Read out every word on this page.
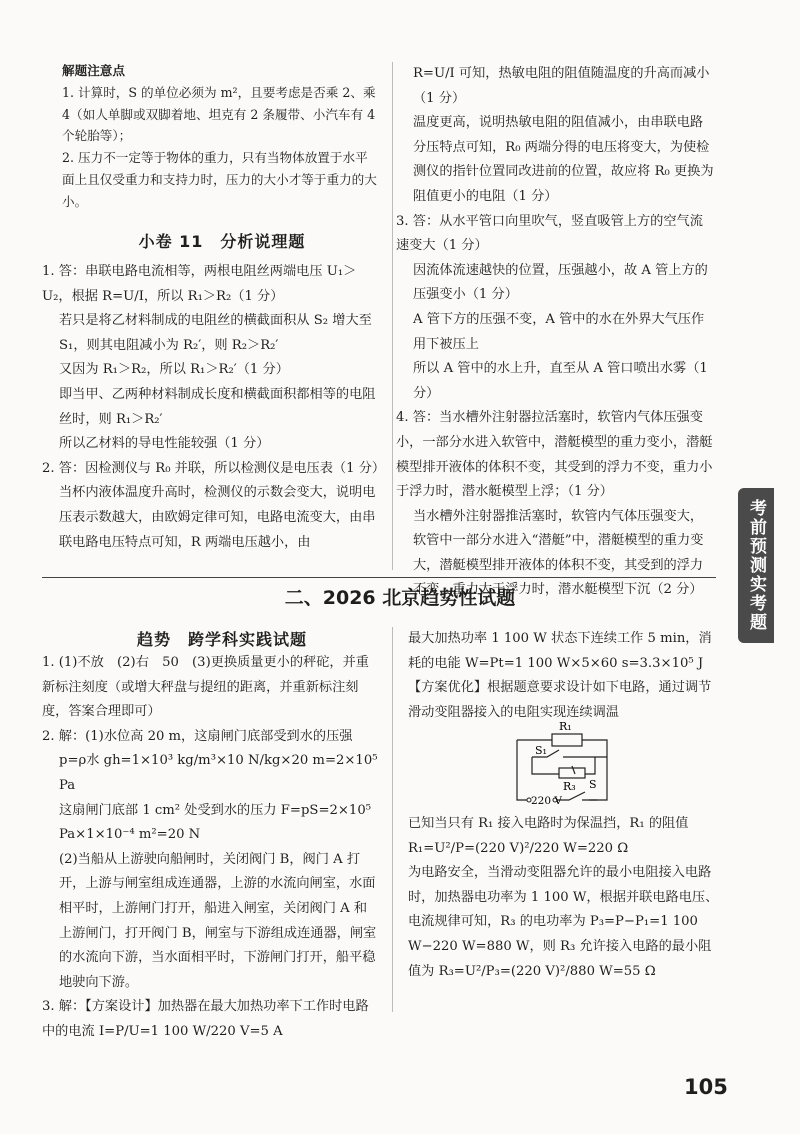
解题注意点

1. 计算时，S 的单位必须为 m²，且要考虑是否乘 2、乘 4（如人单脚或双脚着地、坦克有 2 条履带、小汽车有 4 个轮胎等）；

2. 压力不一定等于物体的重力，只有当物体放置于水平面上且仅受重力和支持力时，压力的大小才等于重力的大小。

小卷 11　分析说理题

1. 答：串联电路电流相等，两根电阻丝两端电压 U₁＞U₂，根据 R=U/I，所以 R₁＞R₂（1 分）

若只是将乙材料制成的电阻丝的横截面积从 S₂ 增大至 S₁，则其电阻减小为 R₂′，则 R₂＞R₂′

又因为 R₁＞R₂，所以 R₁＞R₂′（1 分）

即当甲、乙两种材料制成长度和横截面积都相等的电阻丝时，则 R₁＞R₂′

所以乙材料的导电性能较强（1 分）

2. 答：因检测仪与 R₀ 并联，所以检测仪是电压表（1 分）

当杯内液体温度升高时，检测仪的示数会变大，说明电压表示数越大，由欧姆定律可知，电路电流变大，由串联电路电压特点可知，R 两端电压越小，由

R=U/I 可知，热敏电阻的阻值随温度的升高而减小（1 分）

温度更高，说明热敏电阻的阻值减小，由串联电路分压特点可知，R₀ 两端分得的电压将变大，为使检测仪的指针位置同改进前的位置，故应将 R₀ 更换为阻值更小的电阻（1 分）

3. 答：从水平管口向里吹气，竖直吸管上方的空气流速变大（1 分）

因流体流速越快的位置，压强越小，故 A 管上方的压强变小（1 分）

A 管下方的压强不变，A 管中的水在外界大气压作用下被压上

所以 A 管中的水上升，直至从 A 管口喷出水雾（1 分）

4. 答：当水槽外注射器拉活塞时，软管内气体压强变小，一部分水进入软管中，潜艇模型的重力变小，潜艇模型排开液体的体积不变，其受到的浮力不变，重力小于浮力时，潜水艇模型上浮；（1 分）

当水槽外注射器推活塞时，软管内气体压强变大，软管中一部分水进入“潜艇”中，潜艇模型的重力变大，潜艇模型排开液体的体积不变，其受到的浮力不变，重力大于浮力时，潜水艇模型下沉（2 分）	考前预测实考题
二、2026 北京趋势性试题
趋势　跨学科实践试题

1. (1)不放　(2)右　50　(3)更换质量更小的秤砣，并重新标注刻度（或增大秤盘与提纽的距离，并重新标注刻度，答案合理即可）

2. 解：(1)水位高 20 m，这扇闸门底部受到水的压强

p=ρ水 gh=1×10³ kg/m³×10 N/kg×20 m=2×10⁵ Pa

这扇闸门底部 1 cm² 处受到水的压力 F=pS=2×10⁵ Pa×1×10⁻⁴ m²=20 N

(2)当船从上游驶向船闸时，关闭阀门 B，阀门 A 打开，上游与闸室组成连通器，上游的水流向闸室，水面相平时，上游闸门打开，船进入闸室，关闭阀门 A 和上游闸门，打开阀门 B，闸室与下游组成连通器，闸室的水流向下游，当水面相平时，下游闸门打开，船平稳地驶向下游。

3. 解：【方案设计】加热器在最大加热功率下工作时电路中的电流 I=P/U=1 100 W/220 V=5 A

最大加热功率 1 100 W 状态下连续工作 5 min，消耗的电能 W=Pt=1 100 W×5×60 s=3.3×10⁵ J

【方案优化】根据题意要求设计如下电路，通过调节滑动变阻器接入的电阻实现连续调温

R₁
S₁
R₃ S
220 V

已知当只有 R₁ 接入电路时为保温挡，R₁ 的阻值

R₁=U²/P=(220 V)²/220 W=220 Ω

为电路安全，当滑动变阻器允许的最小电阻接入电路时，加热器电功率为 1 100 W，根据并联电路电压、电流规律可知，R₃ 的电功率为 P₃=P−P₁=1 100 W−220 W=880 W，则 R₃ 允许接入电路的最小阻值为 R₃=U²/P₃=(220 V)²/880 W=55 Ω

105
